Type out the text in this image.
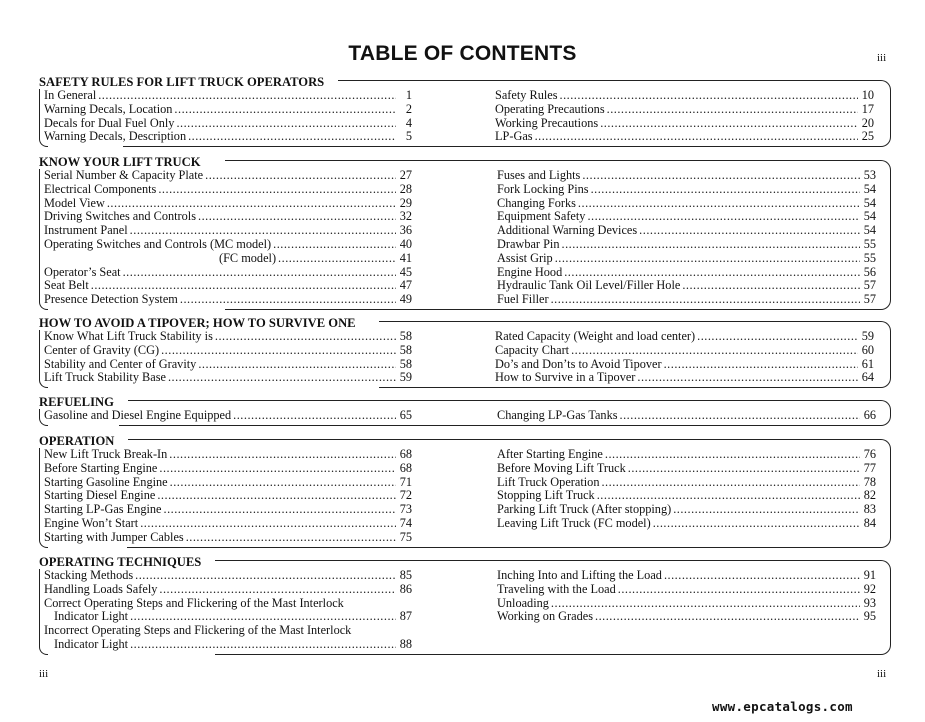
TABLE OF CONTENTS	iii
SAFETY RULES FOR LIFT TRUCK OPERATORS
In General .....	1
Warning Decals, Location .....	2
Decals for Dual Fuel Only .....	4
Warning Decals, Description .....	5
Safety Rules .....	10
Operating Precautions .....	17
Working Precautions .....	20
LP-Gas .....	25
KNOW YOUR LIFT TRUCK
Serial Number & Capacity Plate .....	27
Electrical Components .....	28
Model View .....	29
Driving Switches and Controls .....	32
Instrument Panel .....	36
Operating Switches and Controls (MC model) .....	40
(FC model) .....	41
Operator’s Seat .....	45
Seat Belt .....	47
Presence Detection System .....	49
Fuses and Lights .....	53
Fork Locking Pins .....	54
Changing Forks .....	54
Equipment Safety .....	54
Additional Warning Devices .....	54
Drawbar Pin .....	55
Assist Grip .....	55
Engine Hood .....	56
Hydraulic Tank Oil Level/Filler Hole .....	57
Fuel Filler .....	57
HOW TO AVOID A TIPOVER; HOW TO SURVIVE ONE
Know What Lift Truck Stability is .....	58
Center of Gravity (CG) .....	58
Stability and Center of Gravity .....	58
Lift Truck Stability Base .....	59
Rated Capacity (Weight and load center) .....	59
Capacity Chart .....	60
Do’s and Don’ts to Avoid Tipover .....	61
How to Survive in a Tipover .....	64
REFUELING
Gasoline and Diesel Engine Equipped .....	65	Changing LP-Gas Tanks .....	66
OPERATION
New Lift Truck Break-In .....	68
Before Starting Engine .....	68
Starting Gasoline Engine .....	71
Starting Diesel Engine .....	72
Starting LP-Gas Engine .....	73
Engine Won’t Start .....	74
Starting with Jumper Cables .....	75
After Starting Engine .....	76
Before Moving Lift Truck .....	77
Lift Truck Operation .....	78
Stopping Lift Truck .....	82
Parking Lift Truck (After stopping) .....	83
Leaving Lift Truck (FC model) .....	84
OPERATING TECHNIQUES
Stacking Methods .....	85
Handling Loads Safely .....	86
Correct Operating Steps and Flickering of the Mast Interlock
Indicator Light .....	87
Incorrect Operating Steps and Flickering of the Mast Interlock
Indicator Light .....	88
Inching Into and Lifting the Load .....	91
Traveling with the Load .....	92
Unloading .....	93
Working on Grades .....	95
iii	iii
www.epcatalogs.com
